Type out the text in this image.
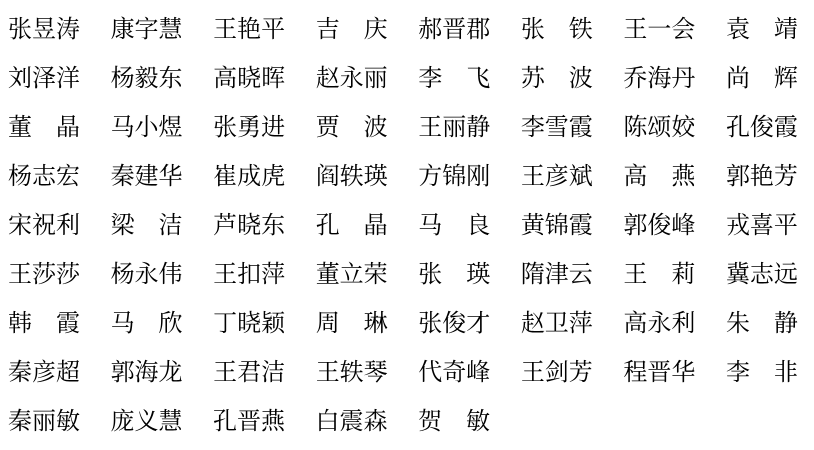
张昱涛 康字慧 王艳平 吉庆 郝晋郡 张铁 王一会 袁靖
刘泽洋 杨毅东 高晓晖 赵永丽 李飞 苏波 乔海丹 尚辉
董晶 马小煜 张勇进 贾波 王丽静 李雪霞 陈颂姣 孔俊霞
杨志宏 秦建华 崔成虎 阎轶瑛 方锦刚 王彦斌 高燕 郭艳芳
宋祝利 梁洁 芦晓东 孔晶 马良 黄锦霞 郭俊峰 戎喜平
王莎莎 杨永伟 王扣萍 董立荣 张瑛 隋津云 王莉 冀志远
韩霞 马欣 丁晓颖 周琳 张俊才 赵卫萍 高永利 朱静
秦彦超 郭海龙 王君洁 王轶琴 代奇峰 王剑芳 程晋华 李非
秦丽敏 庞义慧 孔晋燕 白震森 贺敏
